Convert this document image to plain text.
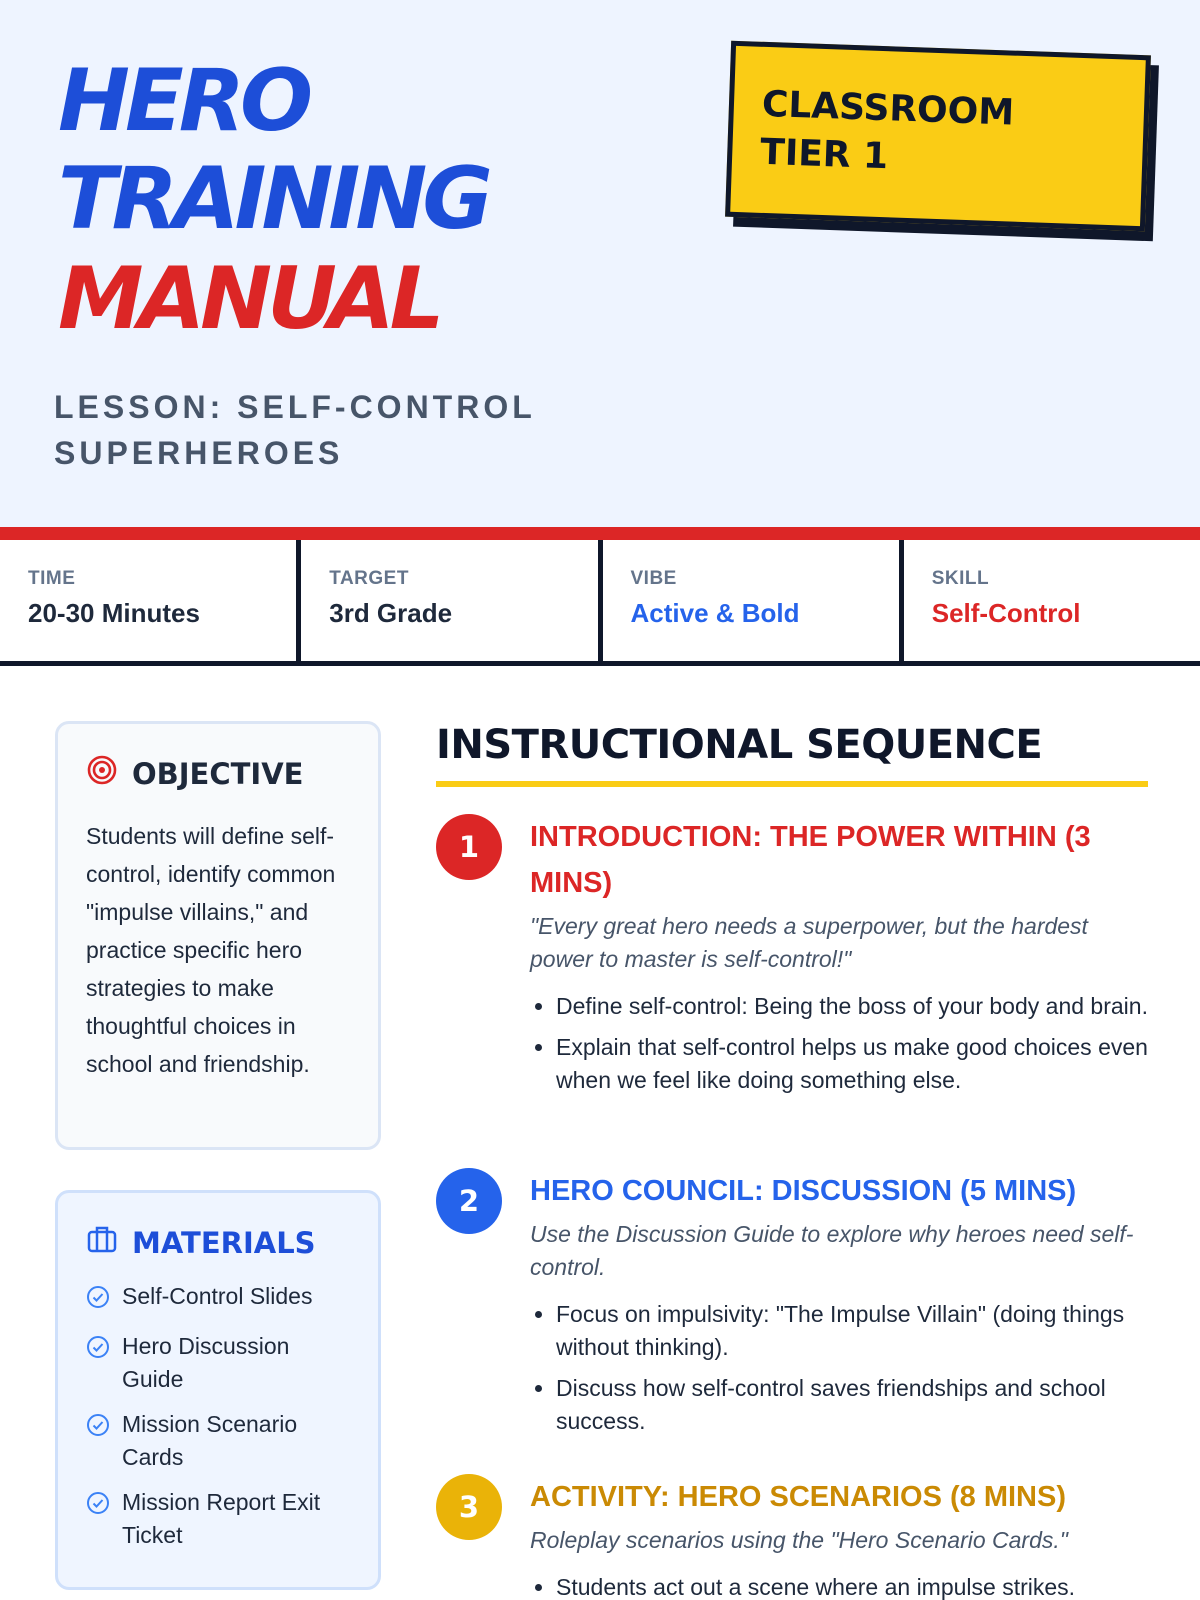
HERO
TRAINING
MANUAL
LESSON: SELF-CONTROL SUPERHEROES
CLASSROOM
TIER 1
TIME
20-30 Minutes
TARGET
3rd Grade
VIBE
Active & Bold
SKILL
Self-Control
OBJECTIVE
Students will define self-control, identify common "impulse villains," and practice specific hero strategies to make thoughtful choices in school and friendship.
MATERIALS
Self-Control Slides
Hero Discussion Guide
Mission Scenario Cards
Mission Report Exit Ticket
INSTRUCTIONAL SEQUENCE
1	INTRODUCTION: THE POWER WITHIN (3 MINS)
"Every great hero needs a superpower, but the hardest power to master is self-control!"
• Define self-control: Being the boss of your body and brain.
• Explain that self-control helps us make good choices even when we feel like doing something else.
2	HERO COUNCIL: DISCUSSION (5 MINS)
Use the Discussion Guide to explore why heroes need self-control.
• Focus on impulsivity: "The Impulse Villain" (doing things without thinking).
• Discuss how self-control saves friendships and school success.
3	ACTIVITY: HERO SCENARIOS (8 MINS)
Roleplay scenarios using the "Hero Scenario Cards."
• Students act out a scene where an impulse strikes.
